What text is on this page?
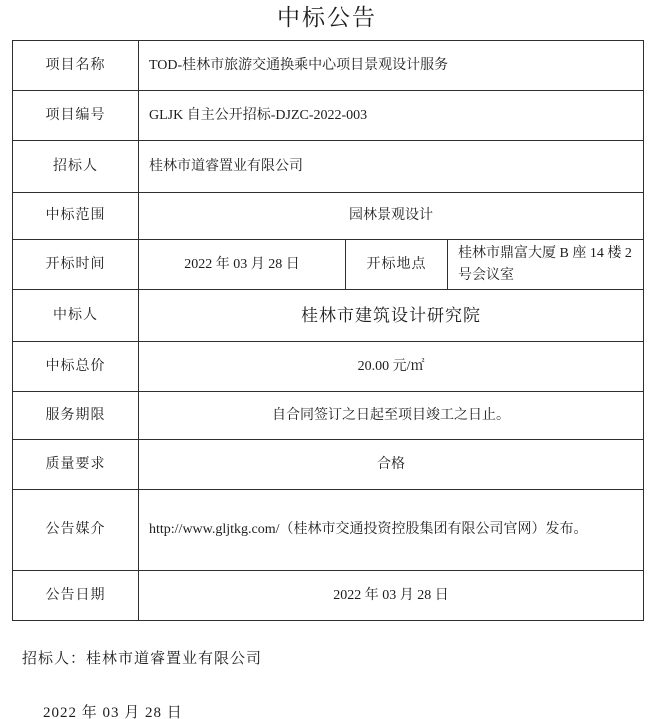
中标公告
项目名称	TOD-桂林市旅游交通换乘中心项目景观设计服务		
项目编号	GLJK 自主公开招标-DJZC-2022-003		
招标人	桂林市道睿置业有限公司		
中标范围	园林景观设计		
开标时间	2022 年 03 月 28 日	开标地点	桂林市鼎富大厦 B 座 14 楼 2 号会议室
中标人	桂林市建筑设计研究院		
中标总价	20.00 元/㎡		
服务期限	自合同签订之日起至项目竣工之日止。		
质量要求	合格		
公告媒介	http://www.gljtkg.com/（桂林市交通投资控股集团有限公司官网）发布。		
公告日期	2022 年 03 月 28 日		
招标人：桂林市道睿置业有限公司
2022 年 03 月 28 日
